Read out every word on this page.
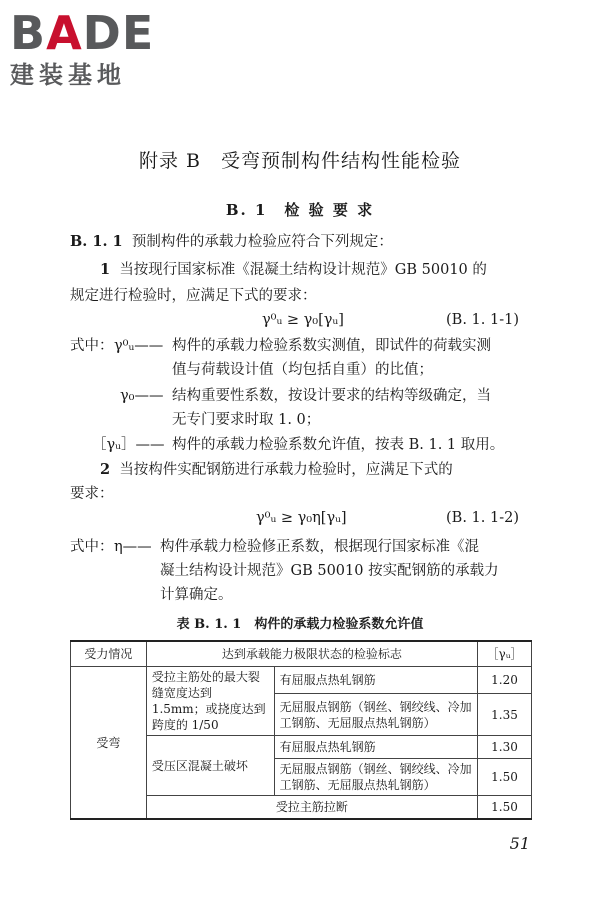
BADE
建装基地
附录 B　受弯预制构件结构性能检验
B. 1　检 验 要 求
B. 1. 1 预制构件的承载力检验应符合下列规定：
1 当按现行国家标准《混凝土结构设计规范》GB 50010 的
规定进行检验时，应满足下式的要求：
γ⁰ᵤ ≥ γ₀[γᵤ]	(B. 1. 1-1)
式中： γ⁰ᵤ—— 构件的承载力检验系数实测值，即试件的荷载实测
值与荷载设计值（均包括自重）的比值；
γ₀—— 结构重要性系数，按设计要求的结构等级确定，当
无专门要求时取 1. 0；
［γᵤ］—— 构件的承载力检验系数允许值，按表 B. 1. 1 取用。
2 当按构件实配钢筋进行承载力检验时，应满足下式的
要求：
γ⁰ᵤ ≥ γ₀η[γᵤ]	(B. 1. 1-2)
式中： η—— 构件承载力检验修正系数，根据现行国家标准《混
凝土结构设计规范》GB 50010 按实配钢筋的承载力
计算确定。
表 B. 1. 1　构件的承载力检验系数允许值
受力情况	达到承载能力极限状态的检验标志		［γᵤ］
受弯	受拉主筋处的最大裂缝宽度达到 1.5mm；或挠度达到跨度的 1/50	有屈服点热轧钢筋	1.20
		无屈服点钢筋（钢丝、钢绞线、冷加工钢筋、无屈服点热轧钢筋）	1.35
	受压区混凝土破坏	有屈服点热轧钢筋	1.30
		无屈服点钢筋（钢丝、钢绞线、冷加工钢筋、无屈服点热轧钢筋）	1.50
	受拉主筋拉断		1.50
51
